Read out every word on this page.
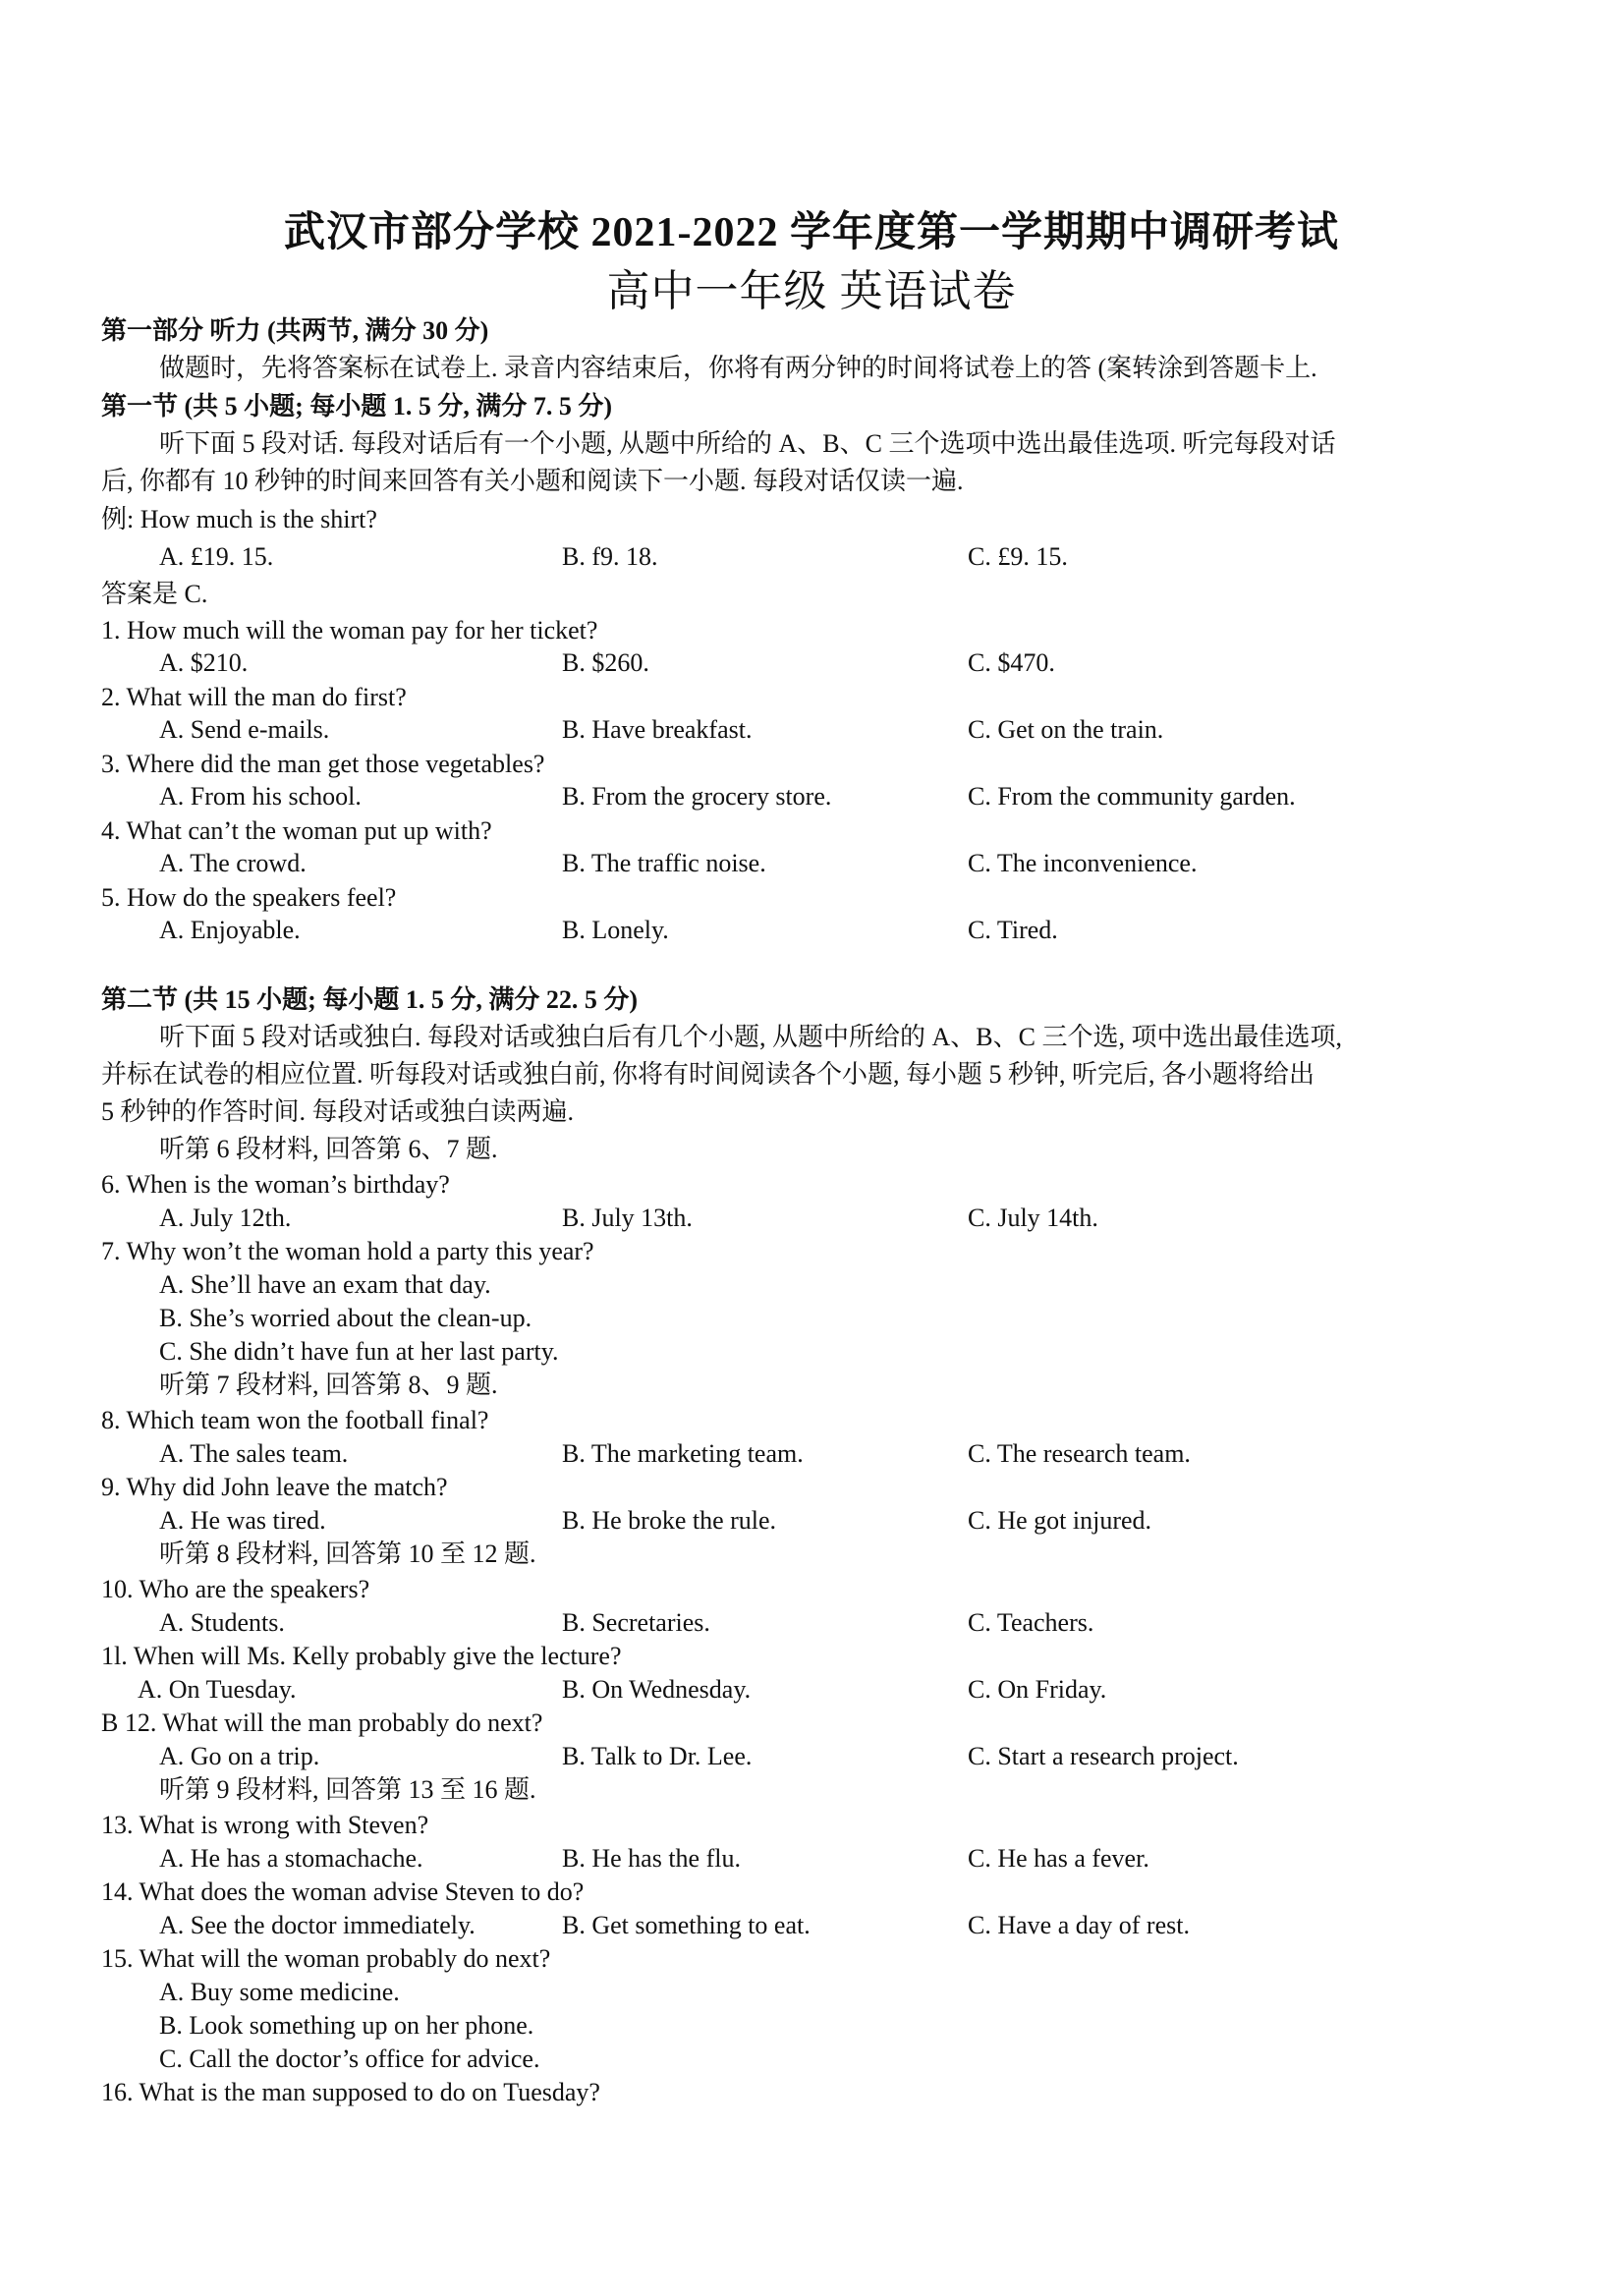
武汉市部分学校 2021-2022 学年度第一学期期中调研考试
高中一年级 英语试卷
第一部分 听力 (共两节, 满分 30 分)
做题时，先将答案标在试卷上. 录音内容结束后，你将有两分钟的时间将试卷上的答 (案转涂到答题卡上.
第一节 (共 5 小题; 每小题 1. 5 分, 满分 7. 5 分)
听下面 5 段对话. 每段对话后有一个小题, 从题中所给的 A、B、C 三个选项中选出最佳选项. 听完每段对话
后, 你都有 10 秒钟的时间来回答有关小题和阅读下一小题. 每段对话仅读一遍.
例: How much is the shirt?
A. £19. 15.	B. f9. 18.	C. £9. 15.
答案是 C.
1. How much will the woman pay for her ticket?
A. $210.	B. $260.	C. $470.
2. What will the man do first?
A. Send e-mails.	B. Have breakfast.	C. Get on the train.
3. Where did the man get those vegetables?
A. From his school.	B. From the grocery store.	C. From the community garden.
4. What can’t the woman put up with?
A. The crowd.	B. The traffic noise.	C. The inconvenience.
5. How do the speakers feel?
A. Enjoyable.	B. Lonely.	C. Tired.
第二节 (共 15 小题; 每小题 1. 5 分, 满分 22. 5 分)
听下面 5 段对话或独白. 每段对话或独白后有几个小题, 从题中所给的 A、B、C 三个选, 项中选出最佳选项,
并标在试卷的相应位置. 听每段对话或独白前, 你将有时间阅读各个小题, 每小题 5 秒钟, 听完后, 各小题将给出
5 秒钟的作答时间. 每段对话或独白读两遍.
听第 6 段材料, 回答第 6、7 题.
6. When is the woman’s birthday?
A. July 12th.	B. July 13th.	C. July 14th.
7. Why won’t the woman hold a party this year?
A. She’ll have an exam that day.
B. She’s worried about the clean-up.
C. She didn’t have fun at her last party.
听第 7 段材料, 回答第 8、9 题.
8. Which team won the football final?
A. The sales team.	B. The marketing team.	C. The research team.
9. Why did John leave the match?
A. He was tired.	B. He broke the rule.	C. He got injured.
听第 8 段材料, 回答第 10 至 12 题.
10. Who are the speakers?
A. Students.	B. Secretaries.	C. Teachers.
1l. When will Ms. Kelly probably give the lecture?
A. On Tuesday.	B. On Wednesday.	C. On Friday.
B 12. What will the man probably do next?
A. Go on a trip.	B. Talk to Dr. Lee.	C. Start a research project.
听第 9 段材料, 回答第 13 至 16 题.
13. What is wrong with Steven?
A. He has a stomachache.	B. He has the flu.	C. He has a fever.
14. What does the woman advise Steven to do?
A. See the doctor immediately.	B. Get something to eat.	C. Have a day of rest.
15. What will the woman probably do next?
A. Buy some medicine.
B. Look something up on her phone.
C. Call the doctor’s office for advice.
16. What is the man supposed to do on Tuesday?
